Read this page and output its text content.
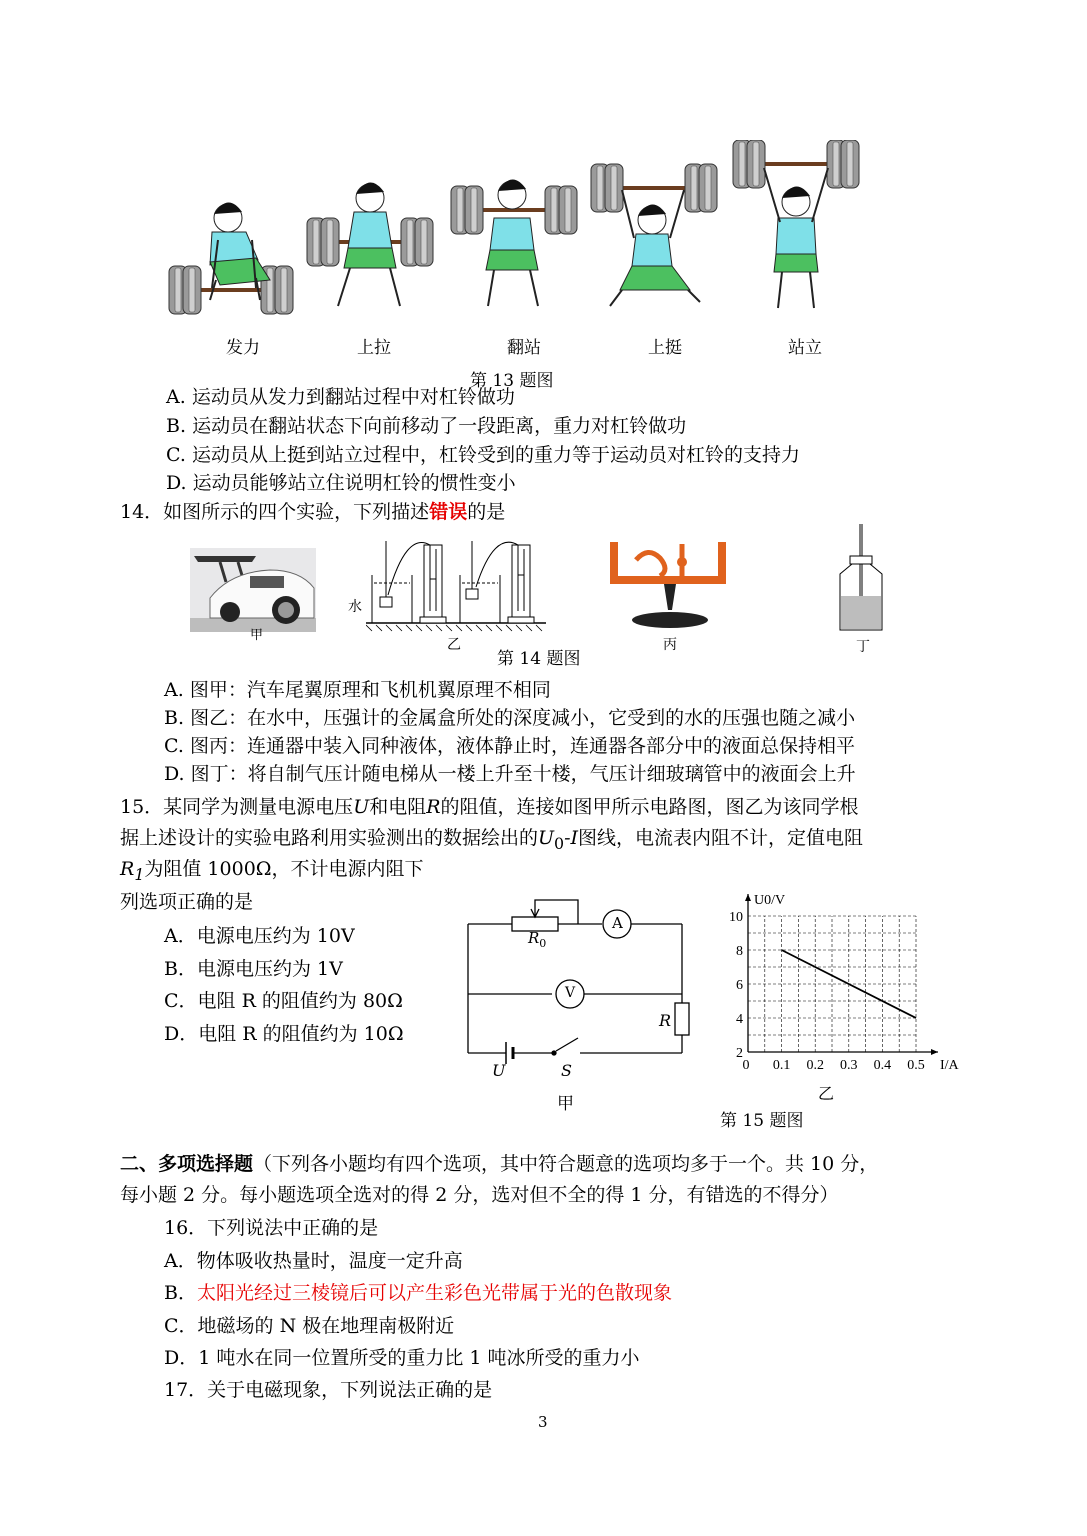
发力	上拉	翻站	上挺	站立
第 13 题图
A. 运动员从发力到翻站过程中对杠铃做功
B. 运动员在翻站状态下向前移动了一段距离，重力对杠铃做功
C. 运动员从上挺到站立过程中，杠铃受到的重力等于运动员对杠铃的支持力
D. 运动员能够站立住说明杠铃的惯性变小
14．如图所示的四个实验，下列描述错误的是
甲
水
乙
第 14 题图
丙	丁
A. 图甲：汽车尾翼原理和飞机机翼原理不相同
B. 图乙：在水中，压强计的金属盒所处的深度减小，它受到的水的压强也随之减小
C. 图丙：连通器中装入同种液体，液体静止时，连通器各部分中的液面总保持相平
D. 图丁：将自制气压计随电梯从一楼上升至十楼，气压计细玻璃管中的液面会上升
15．某同学为测量电源电压U和电阻R的阻值，连接如图甲所示电路图，图乙为该同学根
据上述设计的实验电路利用实验测出的数据绘出的$U_0-I$图线，电流表内阻不计，定值电阻
$R_1$为阻值 1000Ω，不计电源内阻下
列选项正确的是
A．电源电压约为 10V
B．电源电压约为 1V
C．电阻 R 的阻值约为 80Ω
D．电阻 R 的阻值约为 10Ω
$R_0$
A
V
R
U	S
甲
0 0.1 0.2 0.3 0.4 0.5
2
4
6
8
10
U0/V
I/A
乙
第 15 题图
二、多项选择题（下列各小题均有四个选项，其中符合题意的选项均多于一个。共 10 分，
每小题 2 分。每小题选项全选对的得 2 分，选对但不全的得 1 分，有错选的不得分）
16．下列说法中正确的是
A．物体吸收热量时，温度一定升高
B．太阳光经过三棱镜后可以产生彩色光带属于光的色散现象
C．地磁场的 N 极在地理南极附近
D．1 吨水在同一位置所受的重力比 1 吨冰所受的重力小
17．关于电磁现象，下列说法正确的是
3
